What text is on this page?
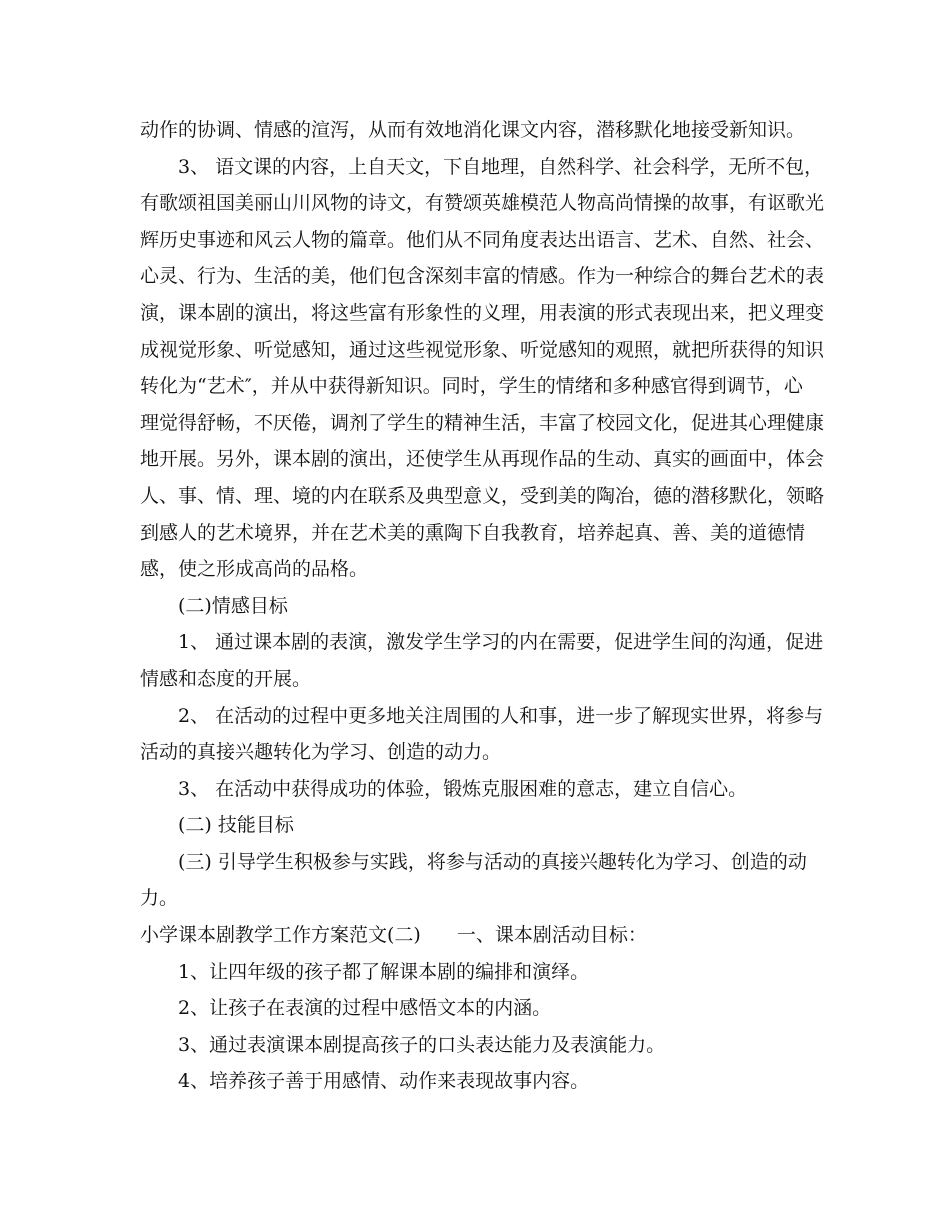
动作的协调、情感的渲泻，从而有效地消化课文内容，潜移默化地接受新知识。
3、 语文课的内容，上自天文，下自地理，自然科学、社会科学，无所不包，
有歌颂祖国美丽山川风物的诗文，有赞颂英雄模范人物高尚情操的故事，有讴歌光
辉历史事迹和风云人物的篇章。他们从不同角度表达出语言、艺术、自然、社会、
心灵、行为、生活的美，他们包含深刻丰富的情感。作为一种综合的舞台艺术的表
演，课本剧的演出，将这些富有形象性的义理，用表演的形式表现出来，把义理变
成视觉形象、听觉感知，通过这些视觉形象、听觉感知的观照，就把所获得的知识
转化为“艺术″，并从中获得新知识。同时，学生的情绪和多种感官得到调节，心
理觉得舒畅，不厌倦，调剂了学生的精神生活，丰富了校园文化，促进其心理健康
地开展。另外，课本剧的演出，还使学生从再现作品的生动、真实的画面中，体会
人、事、情、理、境的内在联系及典型意义，受到美的陶冶，德的潜移默化，领略
到感人的艺术境界，并在艺术美的熏陶下自我教育，培养起真、善、美的道德情
感，使之形成高尚的品格。
(二)情感目标
1、 通过课本剧的表演，激发学生学习的内在需要，促进学生间的沟通，促进
情感和态度的开展。
2、 在活动的过程中更多地关注周围的人和事，进一步了解现实世界，将参与
活动的真接兴趣转化为学习、创造的动力。
3、 在活动中获得成功的体验，锻炼克服困难的意志，建立自信心。
(二) 技能目标
(三) 引导学生积极参与实践，将参与活动的真接兴趣转化为学习、创造的动
力。
小学课本剧教学工作方案范文(二) 一、课本剧活动目标：
1、让四年级的孩子都了解课本剧的编排和演绎。
2、让孩子在表演的过程中感悟文本的内涵。
3、通过表演课本剧提高孩子的口头表达能力及表演能力。
4、培养孩子善于用感情、动作来表现故事内容。
